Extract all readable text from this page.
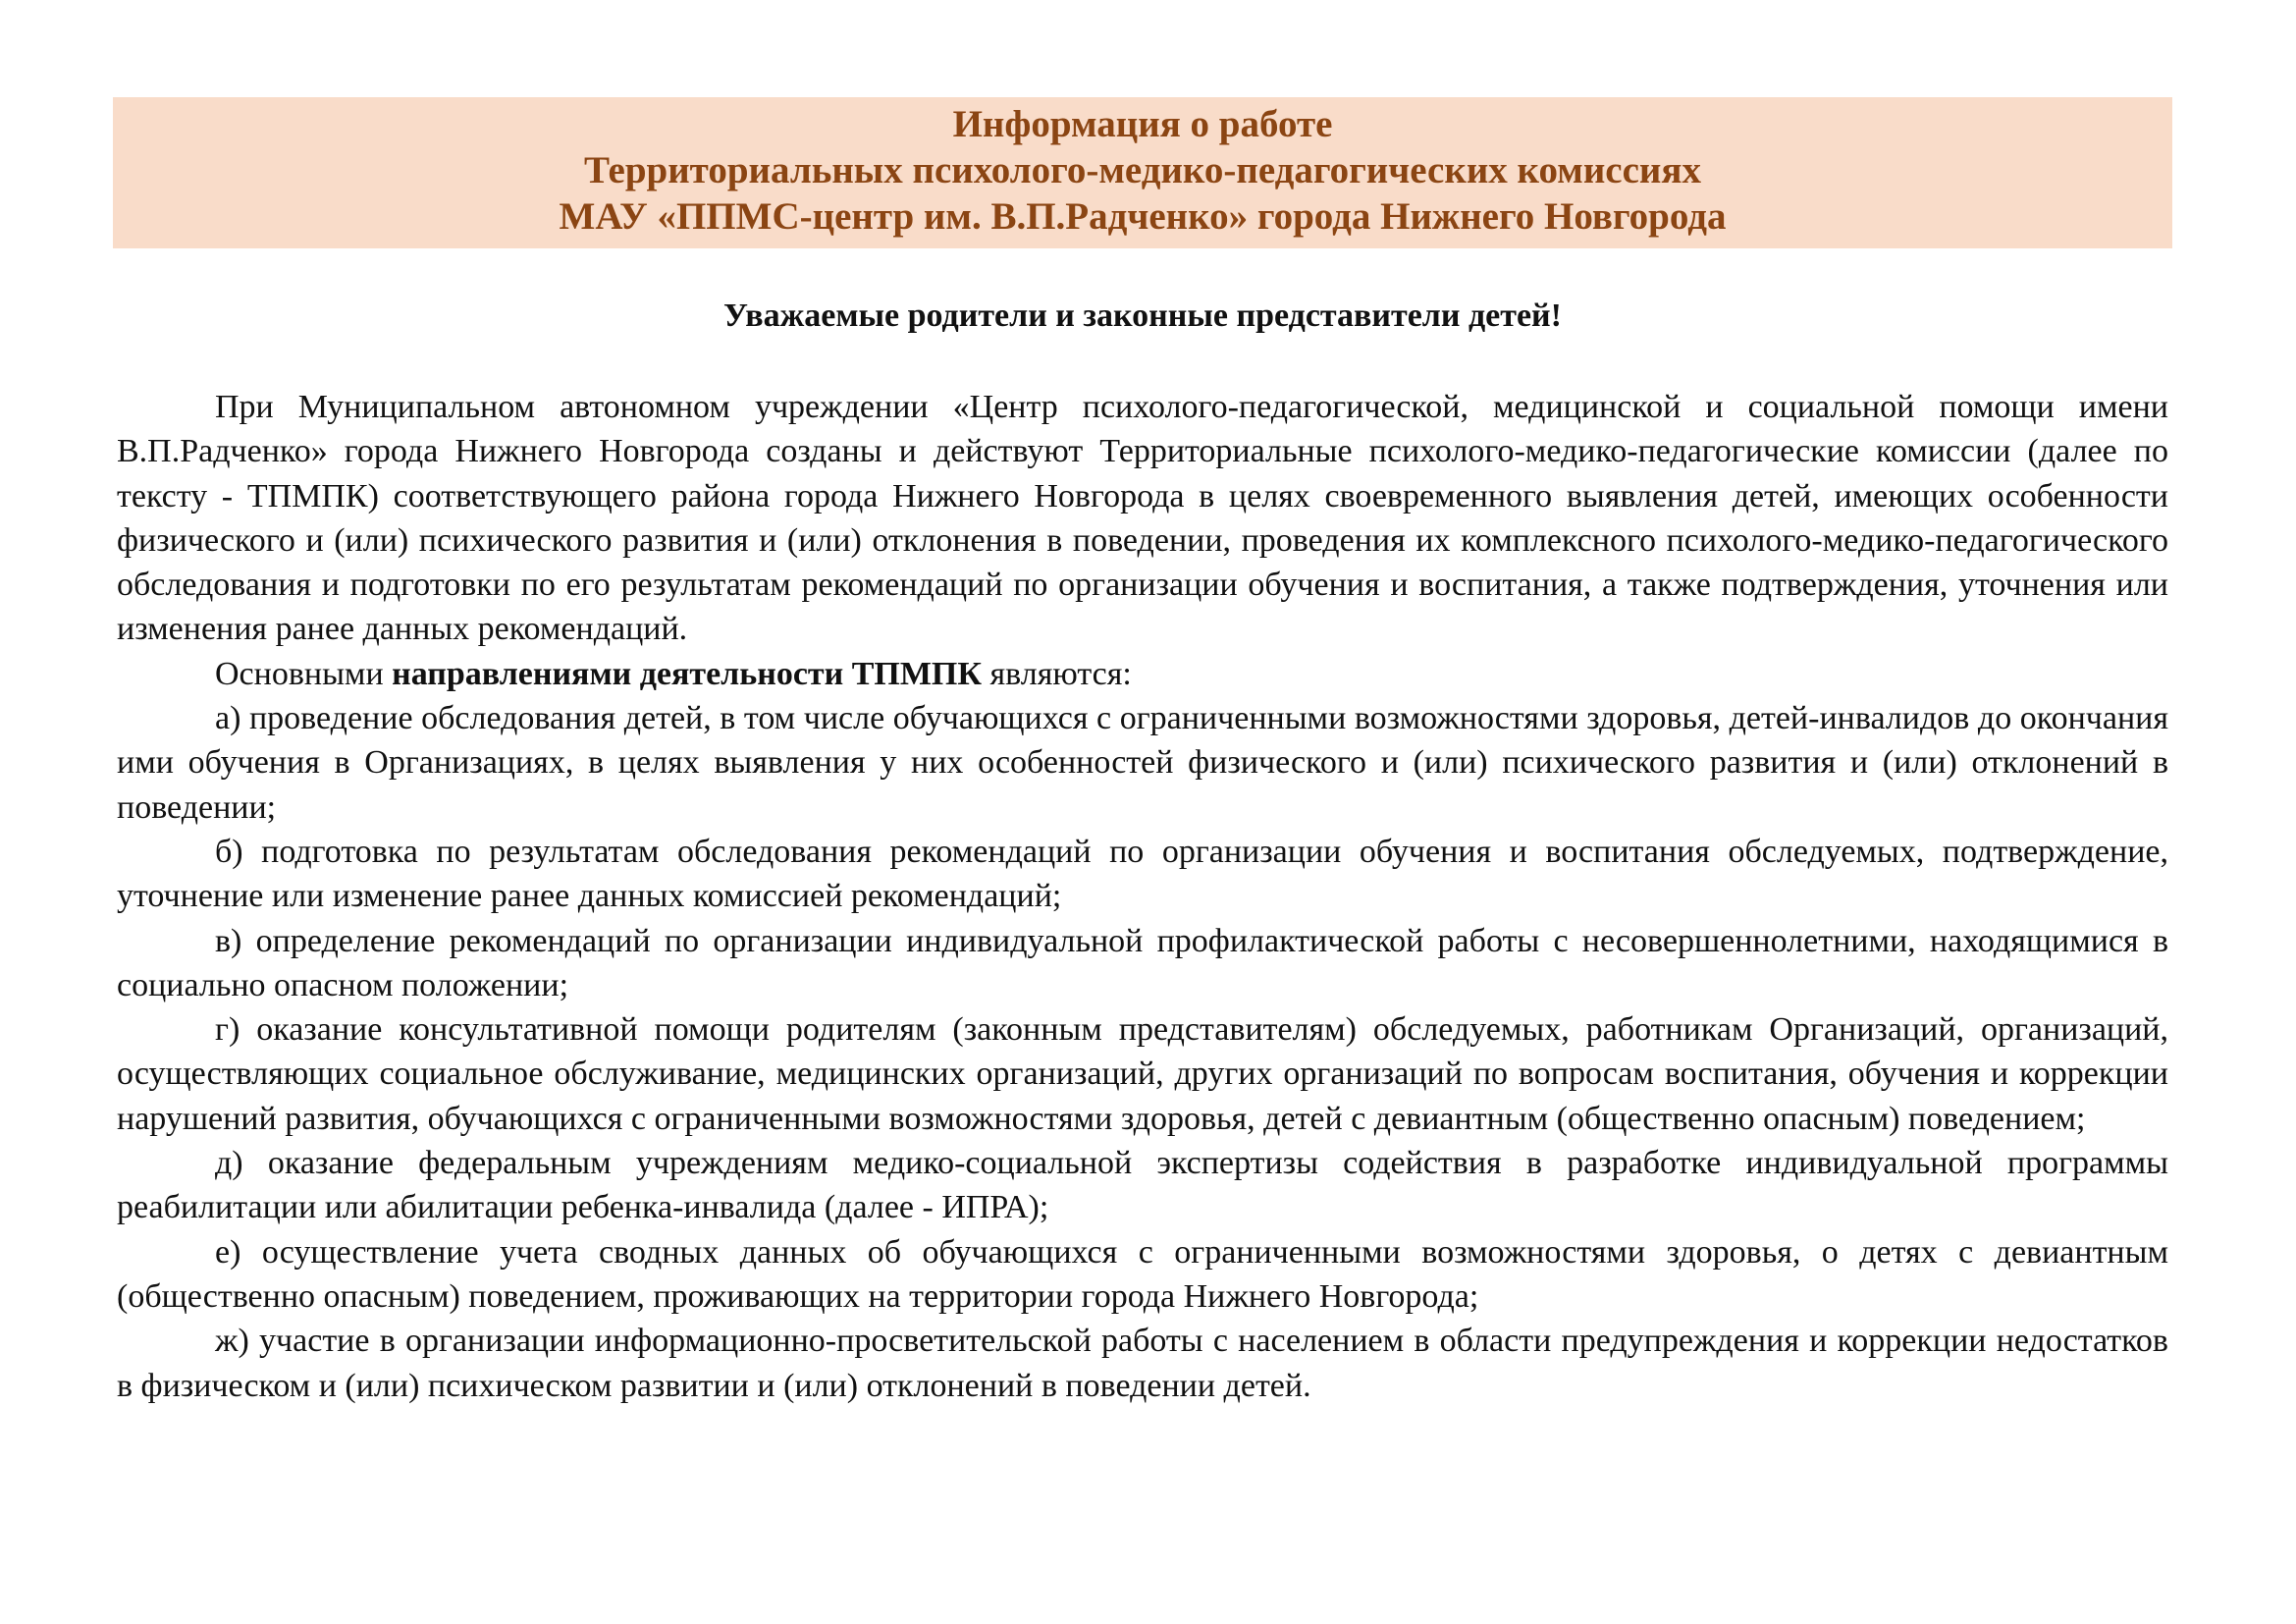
Информация о работе
Территориальных психолого-медико-педагогических комиссиях
МАУ «ППМС-центр им. В.П.Радченко» города Нижнего Новгорода
Уважаемые родители и законные представители детей!

При Муниципальном автономном учреждении «Центр психолого-педагогической, медицинской и социальной помощи имени В.П.Радченко» города Нижнего Новгорода созданы и действуют Территориальные психолого-медико-педагогические комиссии (далее по тексту - ТПМПК) соответствующего района города Нижнего Новгорода в целях своевременного выявления детей, имеющих особенности физического и (или) психического развития и (или) отклонения в поведении, проведения их комплексного психолого-медико-педагогического обследования и подготовки по его результатам рекомендаций по организации обучения и воспитания, а также подтверждения, уточнения или изменения ранее данных рекомендаций.

Основными направлениями деятельности ТПМПК являются:

а) проведение обследования детей, в том числе обучающихся с ограниченными возможностями здоровья, детей-инвалидов до окончания ими обучения в Организациях, в целях выявления у них особенностей физического и (или) психического развития и (или) отклонений в поведении;

б) подготовка по результатам обследования рекомендаций по организации обучения и воспитания обследуемых, подтверждение, уточнение или изменение ранее данных комиссией рекомендаций;

в) определение рекомендаций по организации индивидуальной профилактической работы с несовершеннолетними, находящимися в социально опасном положении;

г) оказание консультативной помощи родителям (законным представителям) обследуемых, работникам Организаций, организаций, осуществляющих социальное обслуживание, медицинских организаций, других организаций по вопросам воспитания, обучения и коррекции нарушений развития, обучающихся с ограниченными возможностями здоровья, детей с девиантным (общественно опасным) поведением;

д) оказание федеральным учреждениям медико-социальной экспертизы содействия в разработке индивидуальной программы реабилитации или абилитации ребенка-инвалида (далее - ИПРА);

е) осуществление учета сводных данных об обучающихся с ограниченными возможностями здоровья, о детях с девиантным (общественно опасным) поведением, проживающих на территории города Нижнего Новгорода;

ж) участие в организации информационно-просветительской работы с населением в области предупреждения и коррекции недостатков в физическом и (или) психическом развитии и (или) отклонений в поведении детей.
